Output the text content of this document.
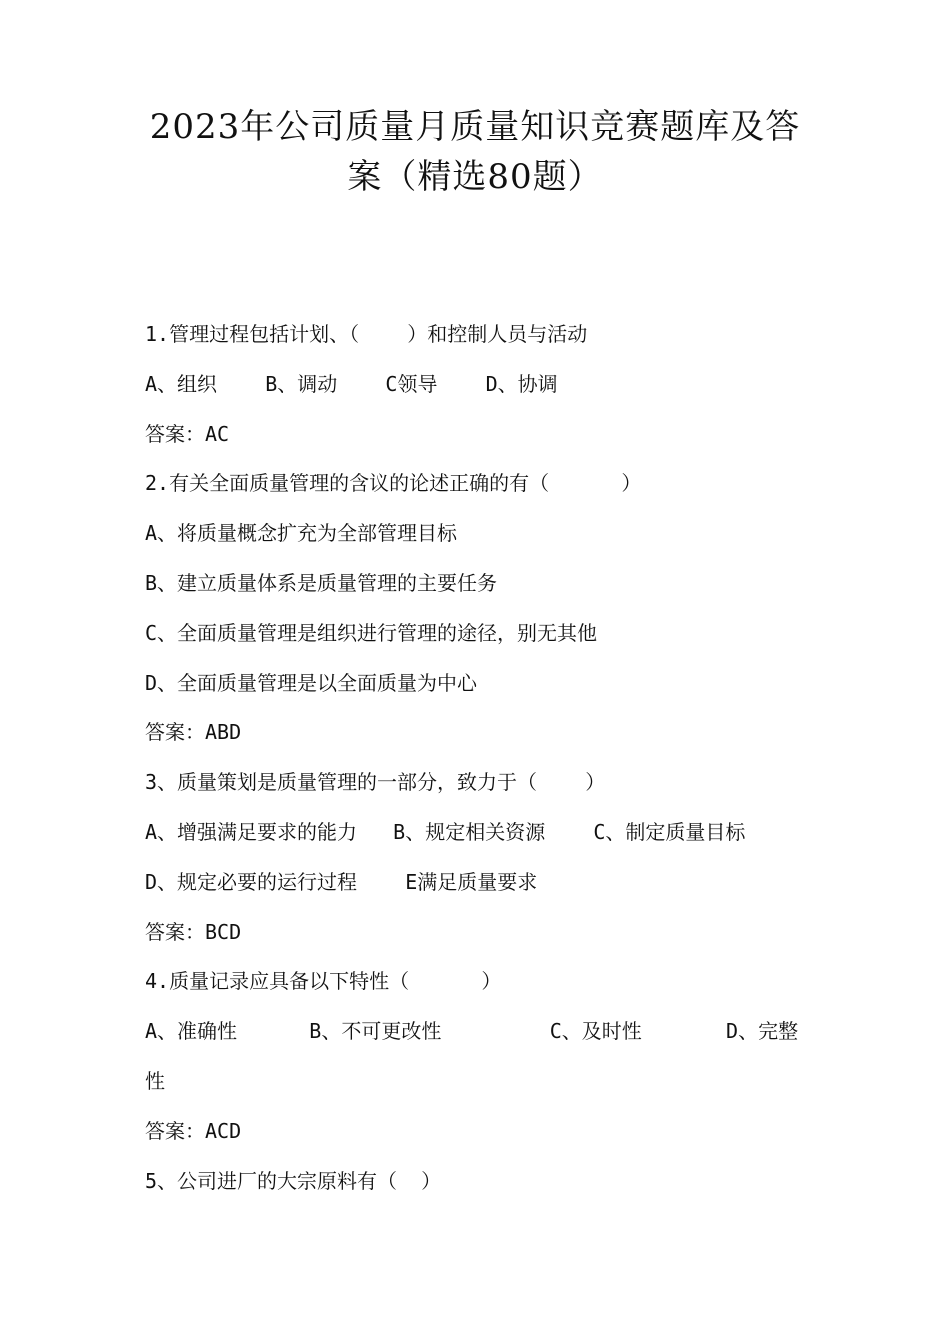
2023年公司质量月质量知识竞赛题库及答
案（精选80题）
1.管理过程包括计划、（    ）和控制人员与活动
A、组织    B、调动    C领导    D、协调
答案：AC
2.有关全面质量管理的含议的论述正确的有（      ）
A、将质量概念扩充为全部管理目标
B、建立质量体系是质量管理的主要任务
C、全面质量管理是组织进行管理的途径，别无其他
D、全面质量管理是以全面质量为中心
答案：ABD
3、质量策划是质量管理的一部分，致力于（    ）
A、增强满足要求的能力   B、规定相关资源    C、制定质量目标
D、规定必要的运行过程    E满足质量要求
答案：BCD
4.质量记录应具备以下特性（      ）
A、准确性      B、不可更改性         C、及时性       D、完整
性
答案：ACD
5、公司进厂的大宗原料有（  ）
